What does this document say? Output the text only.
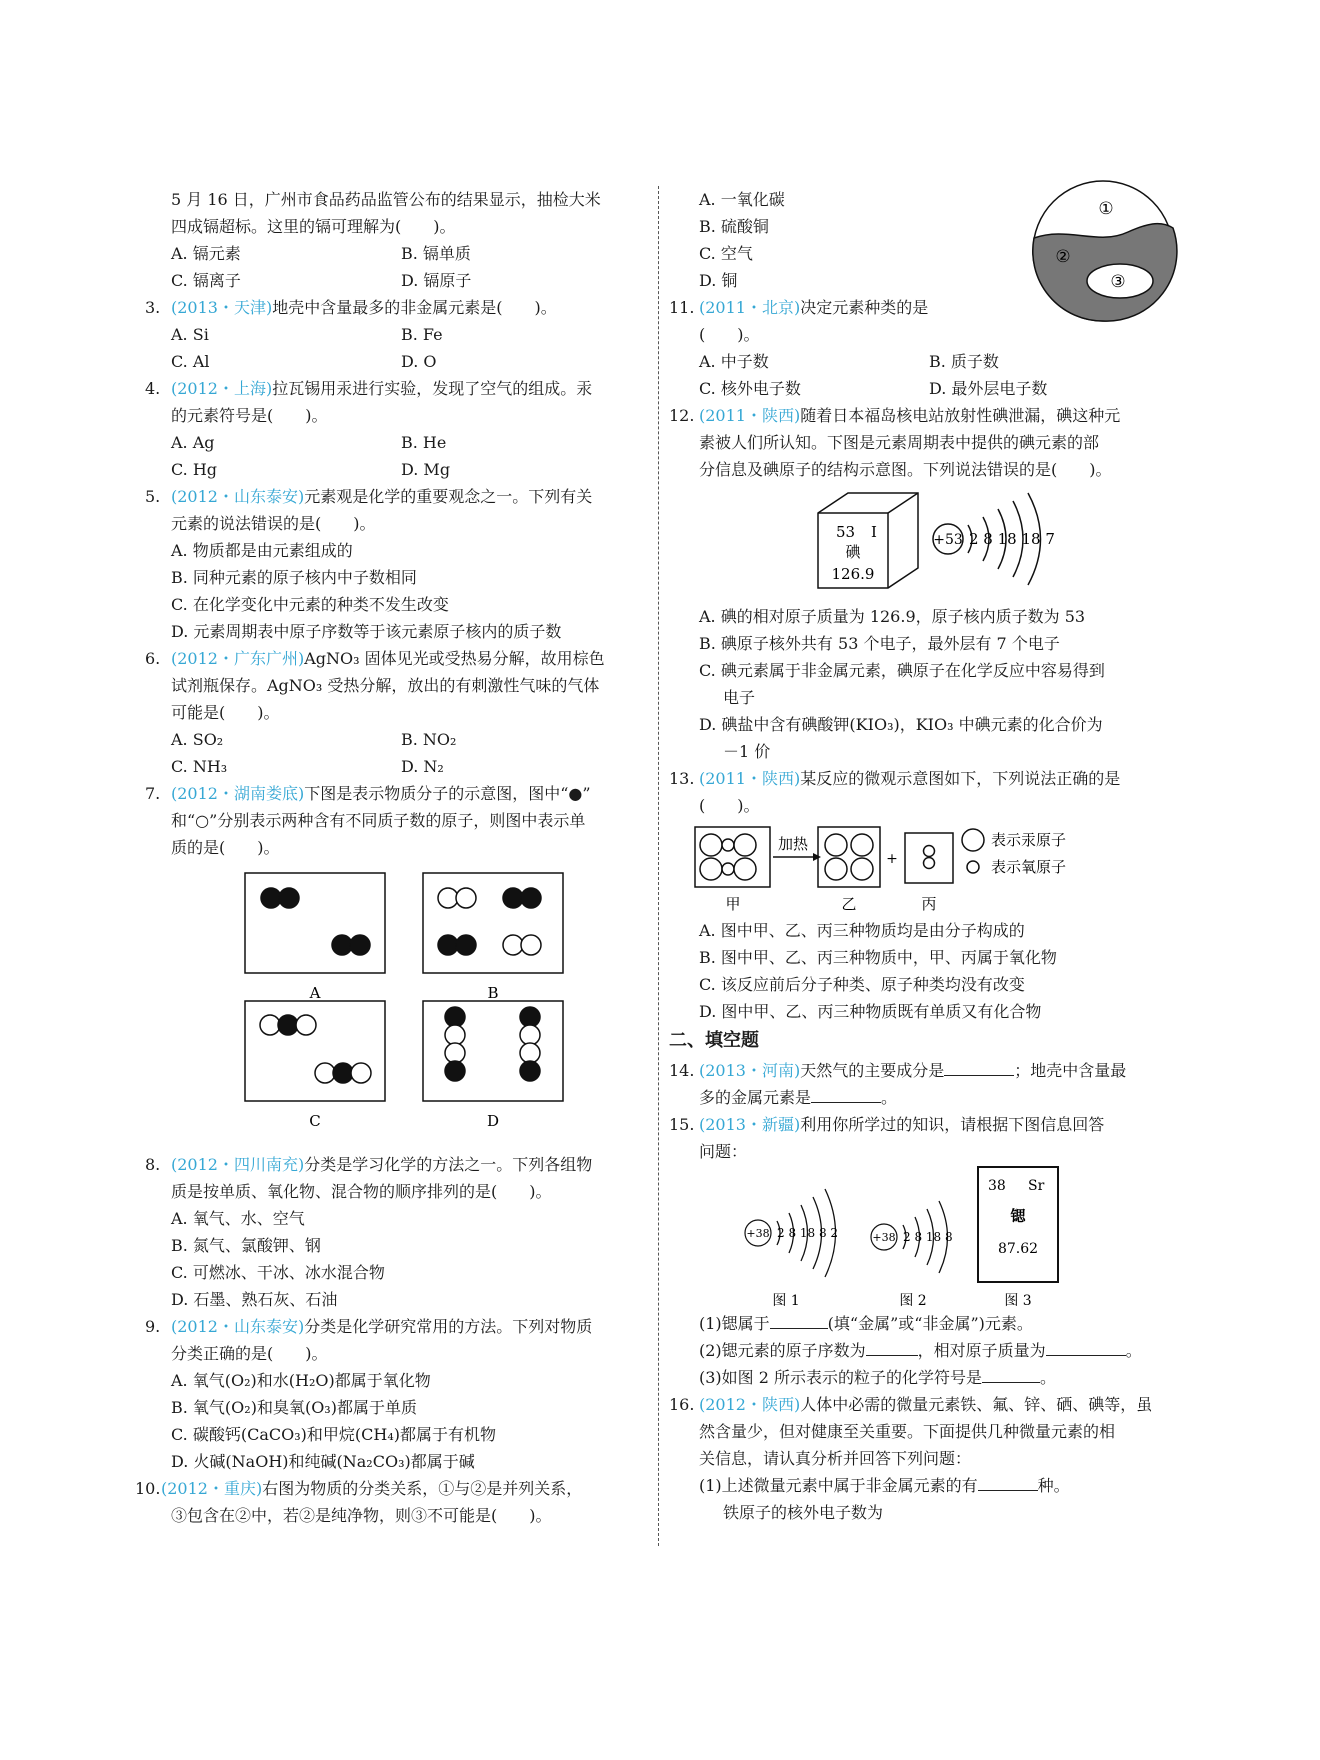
5 月 16 日，广州市食品药品监管公布的结果显示，抽检大米
四成镉超标。这里的镉可理解为(　　)。
A. 镉元素	B. 镉单质
C. 镉离子	D. 镉原子
3. (2013・天津)地壳中含量最多的非金属元素是(　　)。
A. Si	B. Fe
C. Al	D. O
4. (2012・上海)拉瓦锡用汞进行实验，发现了空气的组成。汞
的元素符号是(　　)。
A. Ag	B. He
C. Hg	D. Mg
5. (2012・山东泰安)元素观是化学的重要观念之一。下列有关
元素的说法错误的是(　　)。
A. 物质都是由元素组成的
B. 同种元素的原子核内中子数相同
C. 在化学变化中元素的种类不发生改变
D. 元素周期表中原子序数等于该元素原子核内的质子数
6. (2012・广东广州)AgNO₃ 固体见光或受热易分解，故用棕色
试剂瓶保存。AgNO₃ 受热分解，放出的有刺激性气味的气体
可能是(　　)。
A. SO₂	B. NO₂
C. NH₃	D. N₂
7. (2012・湖南娄底)下图是表示物质分子的示意图，图中“●”
和“○”分别表示两种含有不同质子数的原子，则图中表示单
质的是(　　)。
A	B
C	D
8. (2012・四川南充)分类是学习化学的方法之一。下列各组物
质是按单质、氧化物、混合物的顺序排列的是(　　)。
A. 氧气、水、空气
B. 氮气、氯酸钾、钢
C. 可燃冰、干冰、冰水混合物
D. 石墨、熟石灰、石油
9. (2012・山东泰安)分类是化学研究常用的方法。下列对物质
分类正确的是(　　)。
A. 氧气(O₂)和水(H₂O)都属于氧化物
B. 氧气(O₂)和臭氧(O₃)都属于单质
C. 碳酸钙(CaCO₃)和甲烷(CH₄)都属于有机物
D. 火碱(NaOH)和纯碱(Na₂CO₃)都属于碱
10.(2012・重庆)右图为物质的分类关系，①与②是并列关系，
③包含在②中，若②是纯净物，则③不可能是(　　)。
①
②
③
A. 一氧化碳
B. 硫酸铜
C. 空气
D. 铜
11. (2011・北京)决定元素种类的是
(　　)。
A. 中子数	B. 质子数
C. 核外电子数	D. 最外层电子数
12. (2011・陕西)随着日本福岛核电站放射性碘泄漏，碘这种元
素被人们所认知。下图是元素周期表中提供的碘元素的部
分信息及碘原子的结构示意图。下列说法错误的是(　　)。
53 I
碘
126.9
+53 2 8 18 18 7
A. 碘的相对原子质量为 126.9，原子核内质子数为 53
B. 碘原子核外共有 53 个电子，最外层有 7 个电子
C. 碘元素属于非金属元素，碘原子在化学反应中容易得到
电子
D. 碘盐中含有碘酸钾(KIO₃)，KIO₃ 中碘元素的化合价为
－1 价
13. (2011・陕西)某反应的微观示意图如下，下列说法正确的是
(　　)。
加热
+
甲	乙	丙
表示汞原子
表示氧原子
A. 图中甲、乙、丙三种物质均是由分子构成的
B. 图中甲、乙、丙三种物质中，甲、丙属于氧化物
C. 该反应前后分子种类、原子种类均没有改变
D. 图中甲、乙、丙三种物质既有单质又有化合物
二、填空题
14. (2013・河南)天然气的主要成分是	；地壳中含量最
多的金属元素是	。
15. (2013・新疆)利用你所学过的知识，请根据下图信息回答
问题：
+38 2 8 18 8 2
图 1
+38 2 8 18 8
图 2
38 Sr
锶
87.62
图 3
(1)锶属于	(填“金属”或“非金属”)元素。
(2)锶元素的原子序数为	，相对原子质量为	。
(3)如图 2 所示表示的粒子的化学符号是	。
16. (2012・陕西)人体中必需的微量元素铁、氟、锌、硒、碘等，虽
然含量少，但对健康至关重要。下面提供几种微量元素的相
关信息，请认真分析并回答下列问题：
(1)上述微量元素中属于非金属元素的有	种。
铁原子的核外电子数为
